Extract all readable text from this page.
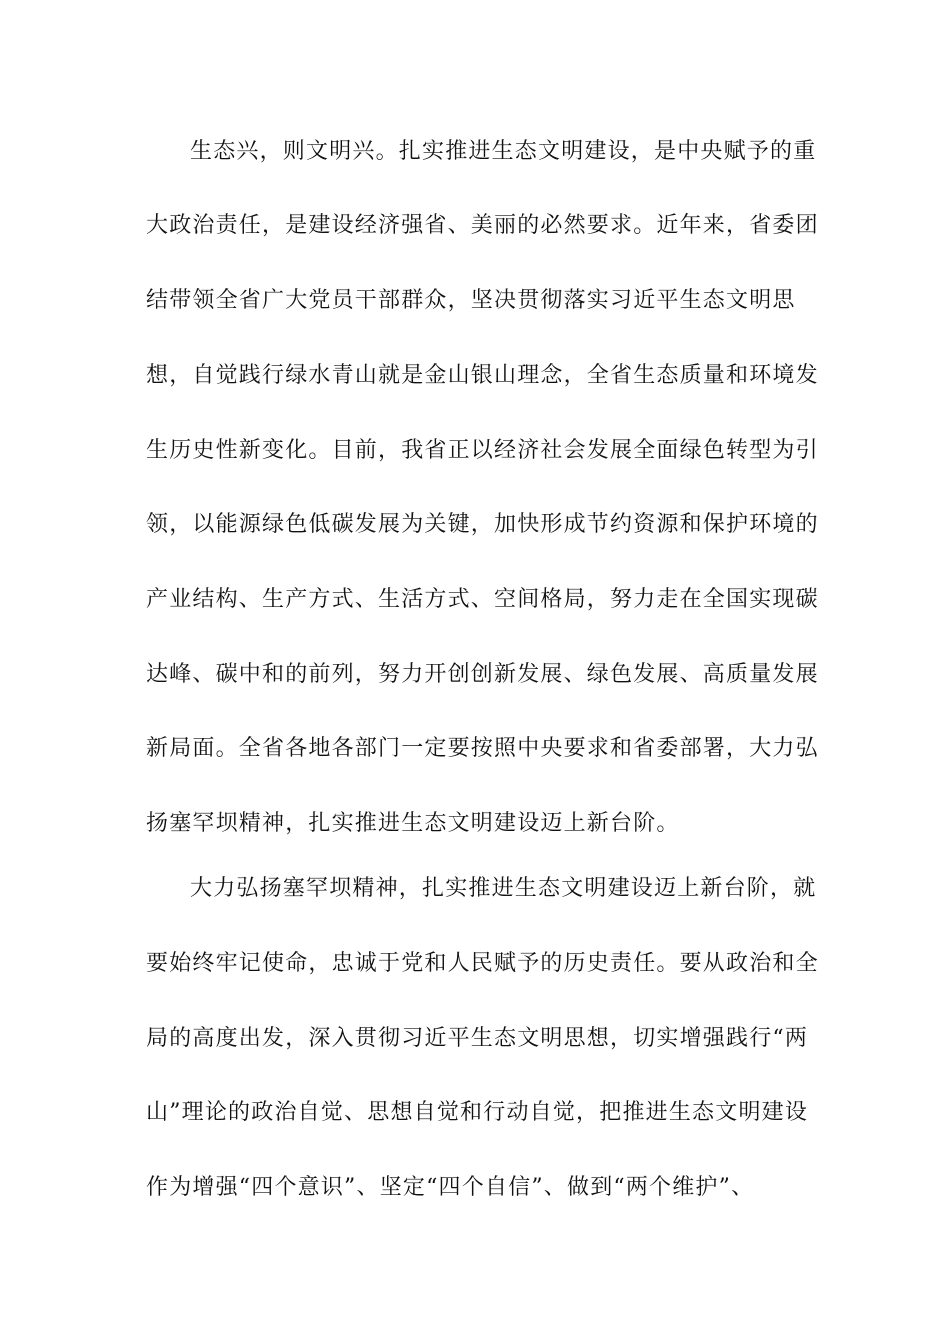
生态兴，则文明兴。扎实推进生态文明建设，是中央赋予的重
大政治责任，是建设经济强省、美丽的必然要求。近年来，省委团
结带领全省广大党员干部群众，坚决贯彻落实习近平生态文明思
想，自觉践行绿水青山就是金山银山理念，全省生态质量和环境发
生历史性新变化。目前，我省正以经济社会发展全面绿色转型为引
领，以能源绿色低碳发展为关键，加快形成节约资源和保护环境的
产业结构、生产方式、生活方式、空间格局，努力走在全国实现碳
达峰、碳中和的前列，努力开创创新发展、绿色发展、高质量发展
新局面。全省各地各部门一定要按照中央要求和省委部署，大力弘
扬塞罕坝精神，扎实推进生态文明建设迈上新台阶。
大力弘扬塞罕坝精神，扎实推进生态文明建设迈上新台阶，就
要始终牢记使命，忠诚于党和人民赋予的历史责任。要从政治和全
局的高度出发，深入贯彻习近平生态文明思想，切实增强践行“两
山”理论的政治自觉、思想自觉和行动自觉，把推进生态文明建设
作为增强“四个意识”、坚定“四个自信”、做到“两个维护”、
